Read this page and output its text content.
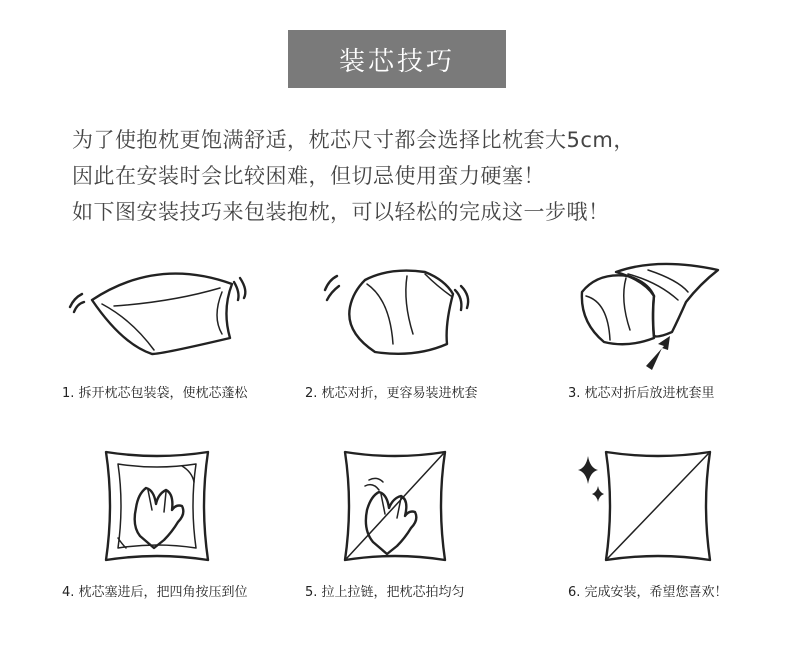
装芯技巧
为了使抱枕更饱满舒适，枕芯尺寸都会选择比枕套大5cm，
因此在安装时会比较困难，但切忌使用蛮力硬塞！
如下图安装技巧来包装抱枕，可以轻松的完成这一步哦！
1. 拆开枕芯包装袋，使枕芯蓬松	2. 枕芯对折，更容易装进枕套	3. 枕芯对折后放进枕套里
4. 枕芯塞进后，把四角按压到位	5. 拉上拉链，把枕芯拍均匀	6. 完成安装，希望您喜欢！
